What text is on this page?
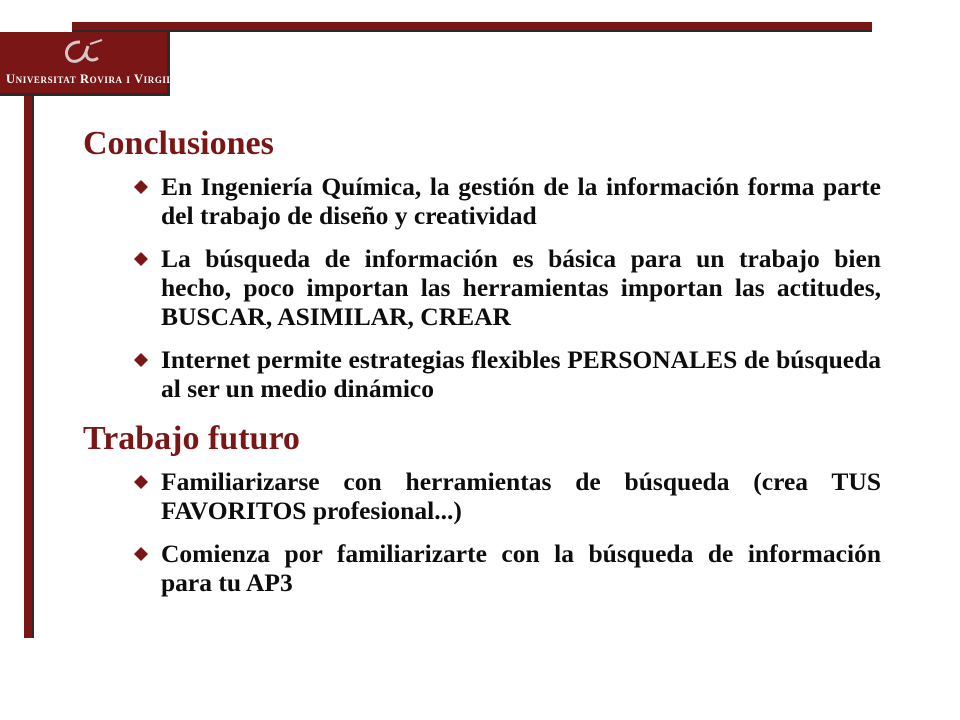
Universitat Rovira i Virgili
Conclusiones
En Ingeniería Química, la gestión de la información forma parte del trabajo de diseño y creatividad
La búsqueda de información es básica para un trabajo bien hecho, poco importan las herramientas importan las actitudes, BUSCAR, ASIMILAR, CREAR
Internet permite estrategias flexibles PERSONALES de búsqueda al ser un medio dinámico
Trabajo futuro
Familiarizarse con herramientas de búsqueda (crea TUS FAVORITOS profesional...)
Comienza por familiarizarte con la búsqueda de información para tu AP3
